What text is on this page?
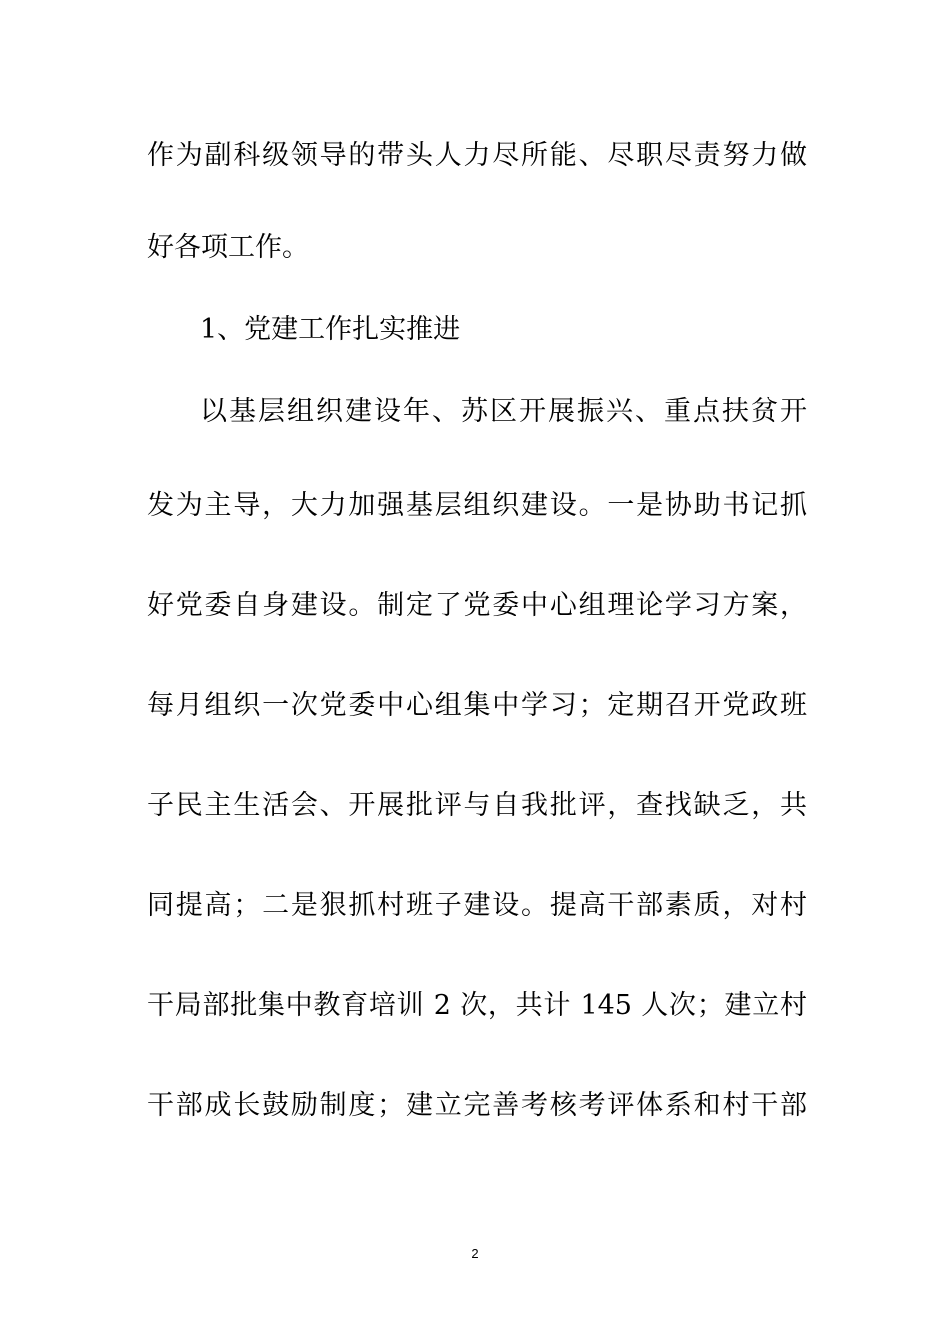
作为副科级领导的带头人力尽所能、尽职尽责努力做
好各项工作。
1、党建工作扎实推进
以基层组织建设年、苏区开展振兴、重点扶贫开
发为主导，大力加强基层组织建设。一是协助书记抓
好党委自身建设。制定了党委中心组理论学习方案，
每月组织一次党委中心组集中学习；定期召开党政班
子民主生活会、开展批评与自我批评，查找缺乏，共
同提高；二是狠抓村班子建设。提高干部素质，对村
干局部批集中教育培训 2 次，共计 145 人次；建立村
干部成长鼓励制度；建立完善考核考评体系和村干部
2
